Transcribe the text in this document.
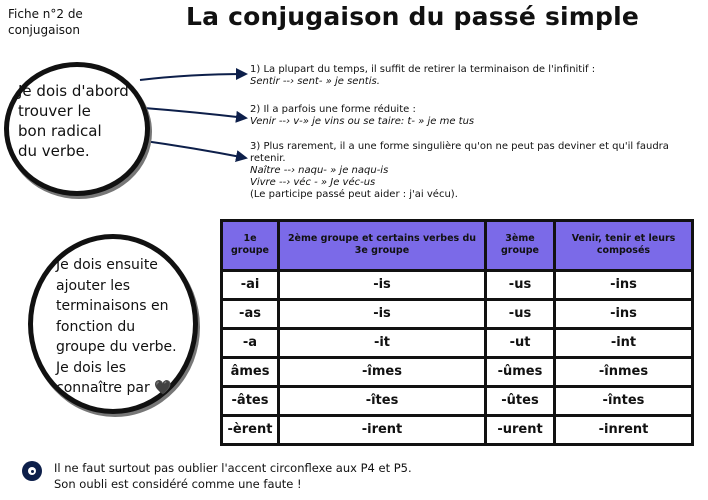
Fiche n°2 de
conjugaison	La conjugaison du passé simple
Je dois d'abord
trouver le
bon radical
du verbe.
Je dois ensuite
ajouter les
terminaisons en
fonction du
groupe du verbe.
Je dois les
connaître par 🖤
1) La plupart du temps, il suffit de retirer la terminaison de l'infinitif :
Sentir --› sent- » je sentis.
2) Il a parfois une forme réduite :
Venir --› v-» je vins ou se taire: t- » je me tus
3) Plus rarement, il a une forme singulière qu'on ne peut pas deviner et qu'il faudra retenir.
Naître --› naqu- » je naqu-is
Vivre --› véc - » Je véc-us
(Le participe passé peut aider : j'ai vécu).
1e groupe	2ème groupe et certains verbes du 3e groupe	3ème groupe	Venir, tenir et leurs composés
-ai	-is	-us	-ins
-as	-is	-us	-ins
-a	-it	-ut	-int
âmes	-îmes	-ûmes	-înmes
-âtes	-îtes	-ûtes	-întes
-èrent	-irent	-urent	-inrent
Il ne faut surtout pas oublier l'accent circonflexe aux P4 et P5.
Son oubli est considéré comme une faute !
